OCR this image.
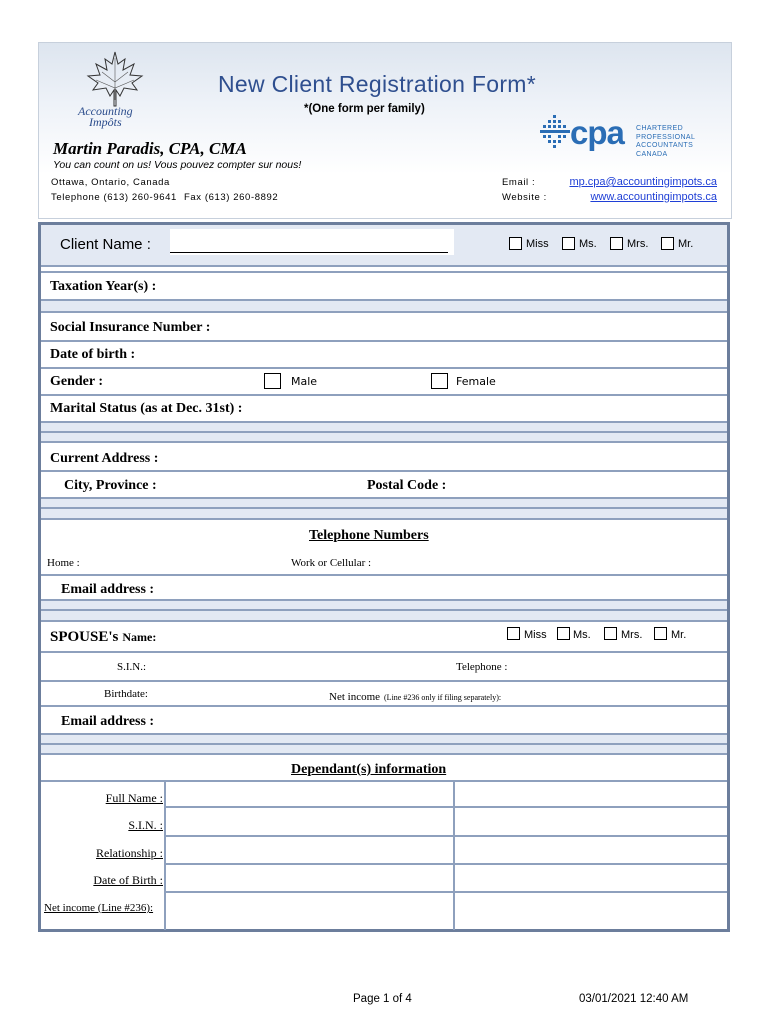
Accounting
Impôts
New Client Registration Form*
*(One form per family)
Martin Paradis, CPA, CMA
You can count on us! Vous pouvez compter sur nous!
Ottawa, Ontario, Canada
Telephone (613) 260-9641 Fax (613) 260-8892
cpa CHARTERED
PROFESSIONAL
ACCOUNTANTS
CANADA
Email :
Website :
mp.cpa@accountingimpots.ca
www.accountingimpots.ca
Client Name :	Miss	Ms.	Mrs.	Mr.
Taxation Year(s) :
Social Insurance Number :
Date of birth :
Gender :	Male	Female
Marital Status (as at Dec. 31st) :
Current Address :
City, Province :	Postal Code :
Telephone Numbers
Home :	Work or Cellular :
Email address :
SPOUSE's Name:	Miss Ms.	Mrs.	Mr.
S.I.N.:	Telephone :
Birthdate:	Net income (Line #236 only if filing separately):
Email address :
Dependant(s) information
Full Name :
S.I.N. :
Relationship :
Date of Birth :
Net income (Line #236):
Page 1 of 4	03/01/2021 12:40 AM
